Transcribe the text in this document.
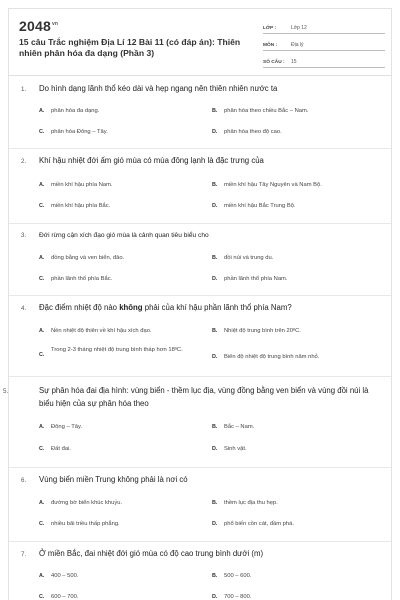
$2048^{vn}$
15 câu Trắc nghiệm Địa Lí 12 Bài 11 (có đáp án): Thiên nhiên phân hóa đa dạng (Phần 3)
LỚP :	Lớp 12
MÔN :	Địa lý
SỐ CÂU :	15
1. Do hình dạng lãnh thổ kéo dài và hẹp ngang nên thiên nhiên nước ta
A. phân hóa đa dạng.	B. phân hóa theo chiều Bắc – Nam.
C. phân hóa Đông – Tây.	D. phân hóa theo độ cao.
2. Khí hậu nhiệt đới ấm gió mùa có mùa đông lạnh là đặc trưng của
A. miền khí hậu phía Nam.	B. miền khí hậu Tây Nguyên và Nam Bộ.
C. miền khí hậu phía Bắc.	D. miền khí hậu Bắc Trung Bộ.
3. Đới rừng cận xích đạo gió mùa là cảnh quan tiêu biểu cho
A. đồng bằng và ven biển, đảo.	B. đồi núi và trung du.
C. phần lãnh thổ phía Bắc.	D. phần lãnh thổ phía Nam.
4. Đặc điểm nhiệt độ nào không phải của khí hậu phần lãnh thổ phía Nam?
A. Nền nhiệt độ thiên về khí hậu xích đạo.	B. Nhiệt độ trung bình trên 20ºC.
C.
Trong 2-3 tháng nhiệt độ trung bình tháp hơn 18ºC.
D. Biên độ nhiệt độ trung bình năm nhỏ.
5.	Sự phân hóa đai địa hình: vùng biển - thềm lục địa, vùng đồng bằng ven biển và vùng đồi núi là biểu hiện của sự phân hóa theo
A. Đông – Tây.	B. Bắc – Nam.
C. Đất đai.	D. Sinh vật.
6. Vùng biển miền Trung không phải là nơi có
A. đường bờ biển khúc khuỷu.	B. thềm lục địa thu hẹp.
C. nhiều bãi triều thấp phẳng.	D. phổ biến cồn cát, đầm phá.
7. Ở miền Bắc, đai nhiệt đới gió mùa có độ cao trung bình dưới (m)
A. 400 – 500.	B. 500 – 600.
C. 600 – 700.	D. 700 – 800.
